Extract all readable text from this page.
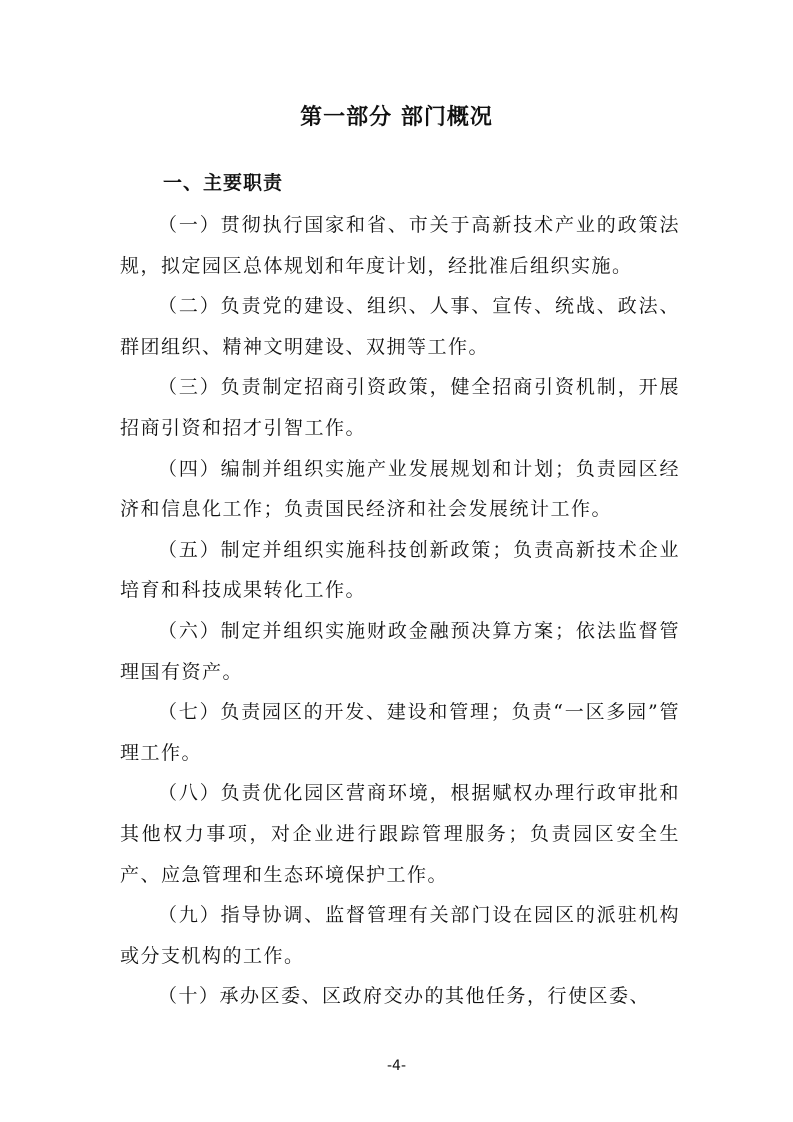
第一部分 部门概况
一、主要职责

（一）贯彻执行国家和省、市关于高新技术产业的政策法规，拟定园区总体规划和年度计划，经批准后组织实施。

（二）负责党的建设、组织、人事、宣传、统战、政法、群团组织、精神文明建设、双拥等工作。

（三）负责制定招商引资政策，健全招商引资机制，开展招商引资和招才引智工作。

（四）编制并组织实施产业发展规划和计划；负责园区经济和信息化工作；负责国民经济和社会发展统计工作。

（五）制定并组织实施科技创新政策；负责高新技术企业培育和科技成果转化工作。

（六）制定并组织实施财政金融预决算方案；依法监督管理国有资产。

（七）负责园区的开发、建设和管理；负责“一区多园”管理工作。

（八）负责优化园区营商环境，根据赋权办理行政审批和其他权力事项，对企业进行跟踪管理服务；负责园区安全生产、应急管理和生态环境保护工作。

（九）指导协调、监督管理有关部门设在园区的派驻机构或分支机构的工作。

（十）承办区委、区政府交办的其他任务，行使区委、

-4-
